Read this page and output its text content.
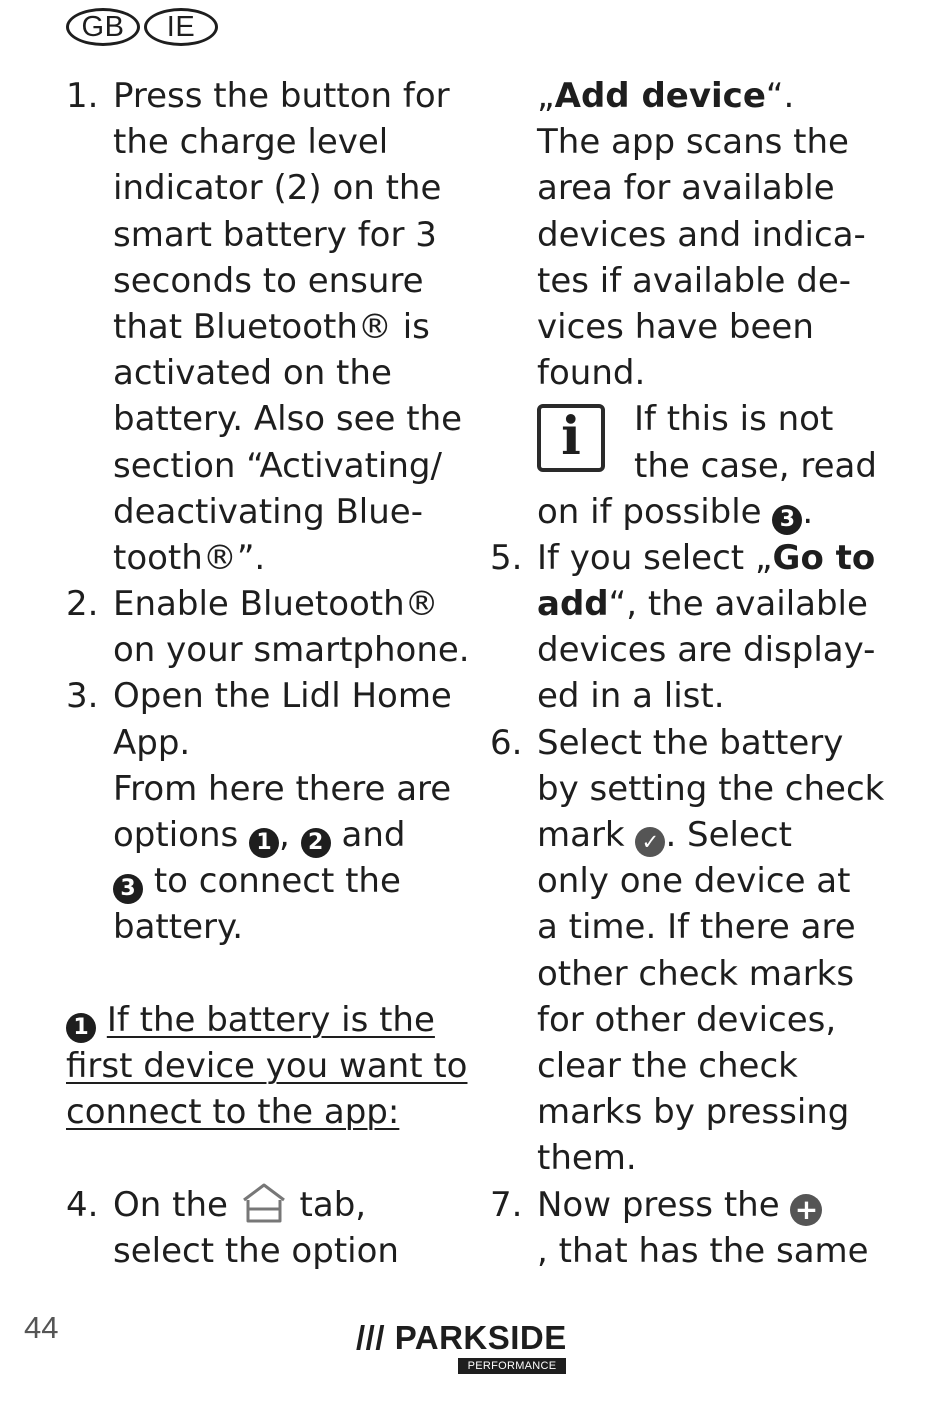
GB	IE
1. Press the button for
the charge level
indicator (2) on the
smart battery for 3
seconds to ensure
that Bluetooth® is
activated on the
battery. Also see the
section “Activating/
deactivating Blue-
tooth®”.
2. Enable Bluetooth®
on your smartphone.
3. Open the Lidl Home
App.
From here there are
options 1 , 2 and
3 to connect the
battery.
1 If the battery is the
first device you want to
connect to the app:
4. On the tab,
select the option
„Add device“.
The app scans the
area for available
devices and indica-
tes if available de-
vices have been
found.
i	If this is not
the case, read
on if possible 3 .
5. If you select „Go to
add“, the available
devices are display-
ed in a list.
6. Select the battery
by setting the check
mark ✓ . Select
only one device at
a time. If there are
other check marks
for other devices,
clear the check
marks by pressing
them.
7. Now press the +
, that has the same
44	/// PARKSIDE
PERFORMANCE
